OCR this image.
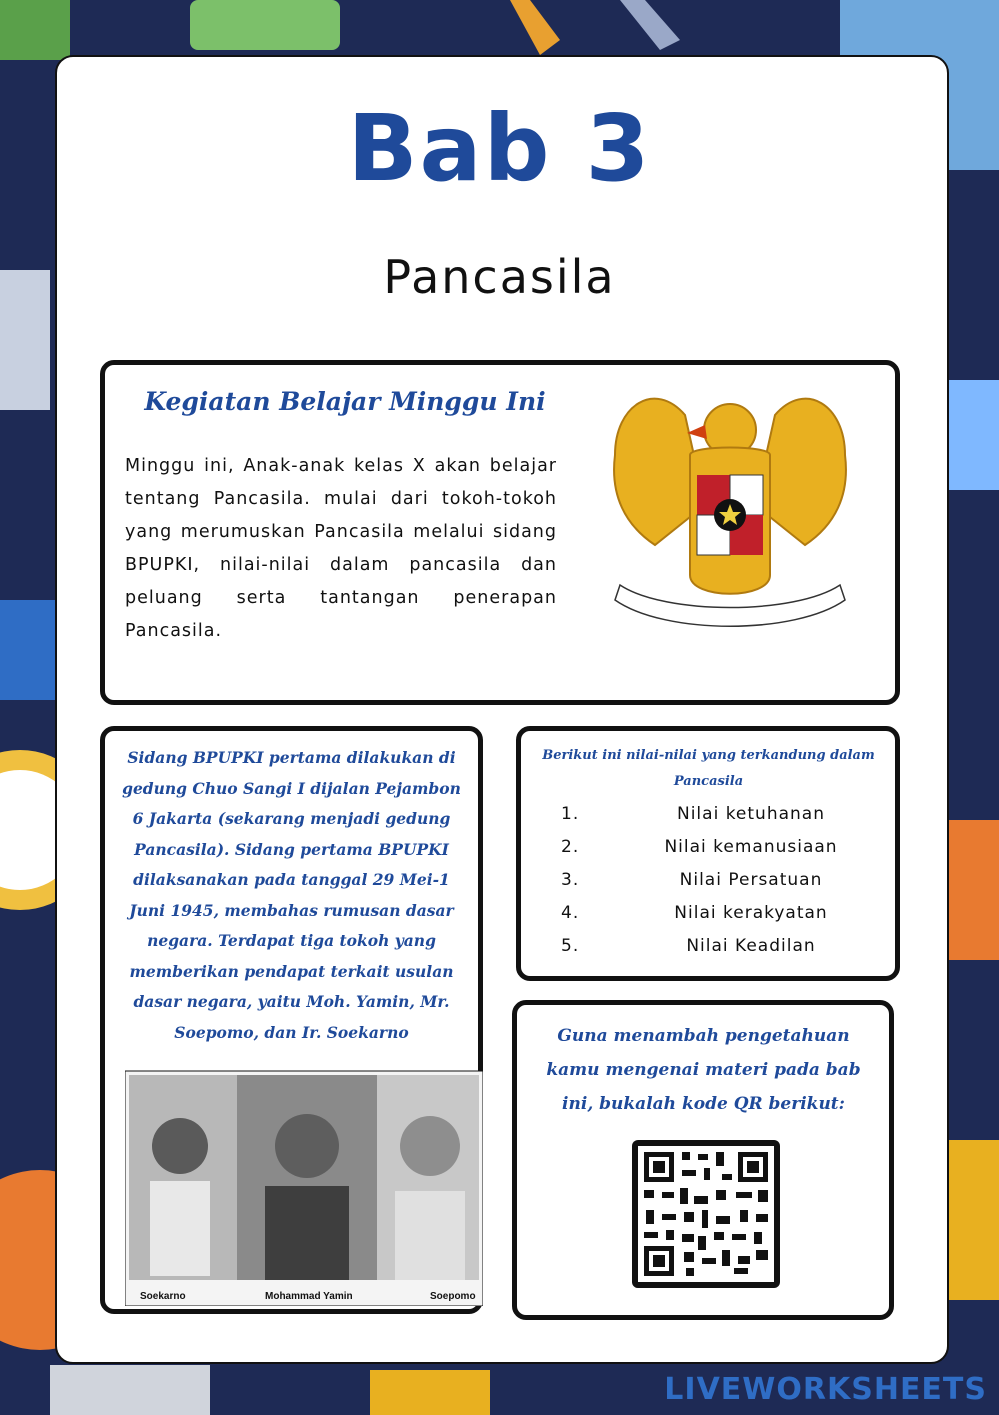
Bab 3
Pancasila
Kegiatan Belajar Minggu Ini
Minggu ini, Anak-anak kelas X akan belajar tentang Pancasila. mulai dari tokoh-tokoh yang merumuskan Pancasila melalui sidang BPUPKI, nilai-nilai dalam pancasila dan peluang serta tantangan penerapan Pancasila.
Sidang BPUPKI pertama dilakukan di gedung Chuo Sangi I dijalan Pejambon 6 Jakarta (sekarang menjadi gedung Pancasila). Sidang pertama BPUPKI dilaksanakan pada tanggal 29 Mei-1 Juni 1945, membahas rumusan dasar negara. Terdapat tiga tokoh yang memberikan pendapat terkait usulan dasar negara, yaitu Moh. Yamin, Mr. Soepomo, dan Ir. Soekarno
Soekarno	Mohammad Yamin	Soepomo
Berikut ini nilai-nilai yang terkandung dalam Pancasila
1.	Nilai ketuhanan
2.	Nilai kemanusiaan
3.	Nilai Persatuan
4.	Nilai kerakyatan
5.	Nilai Keadilan
Guna menambah pengetahuan kamu mengenai materi pada bab ini, bukalah kode QR berikut:
LIVEWORKSHEETS
